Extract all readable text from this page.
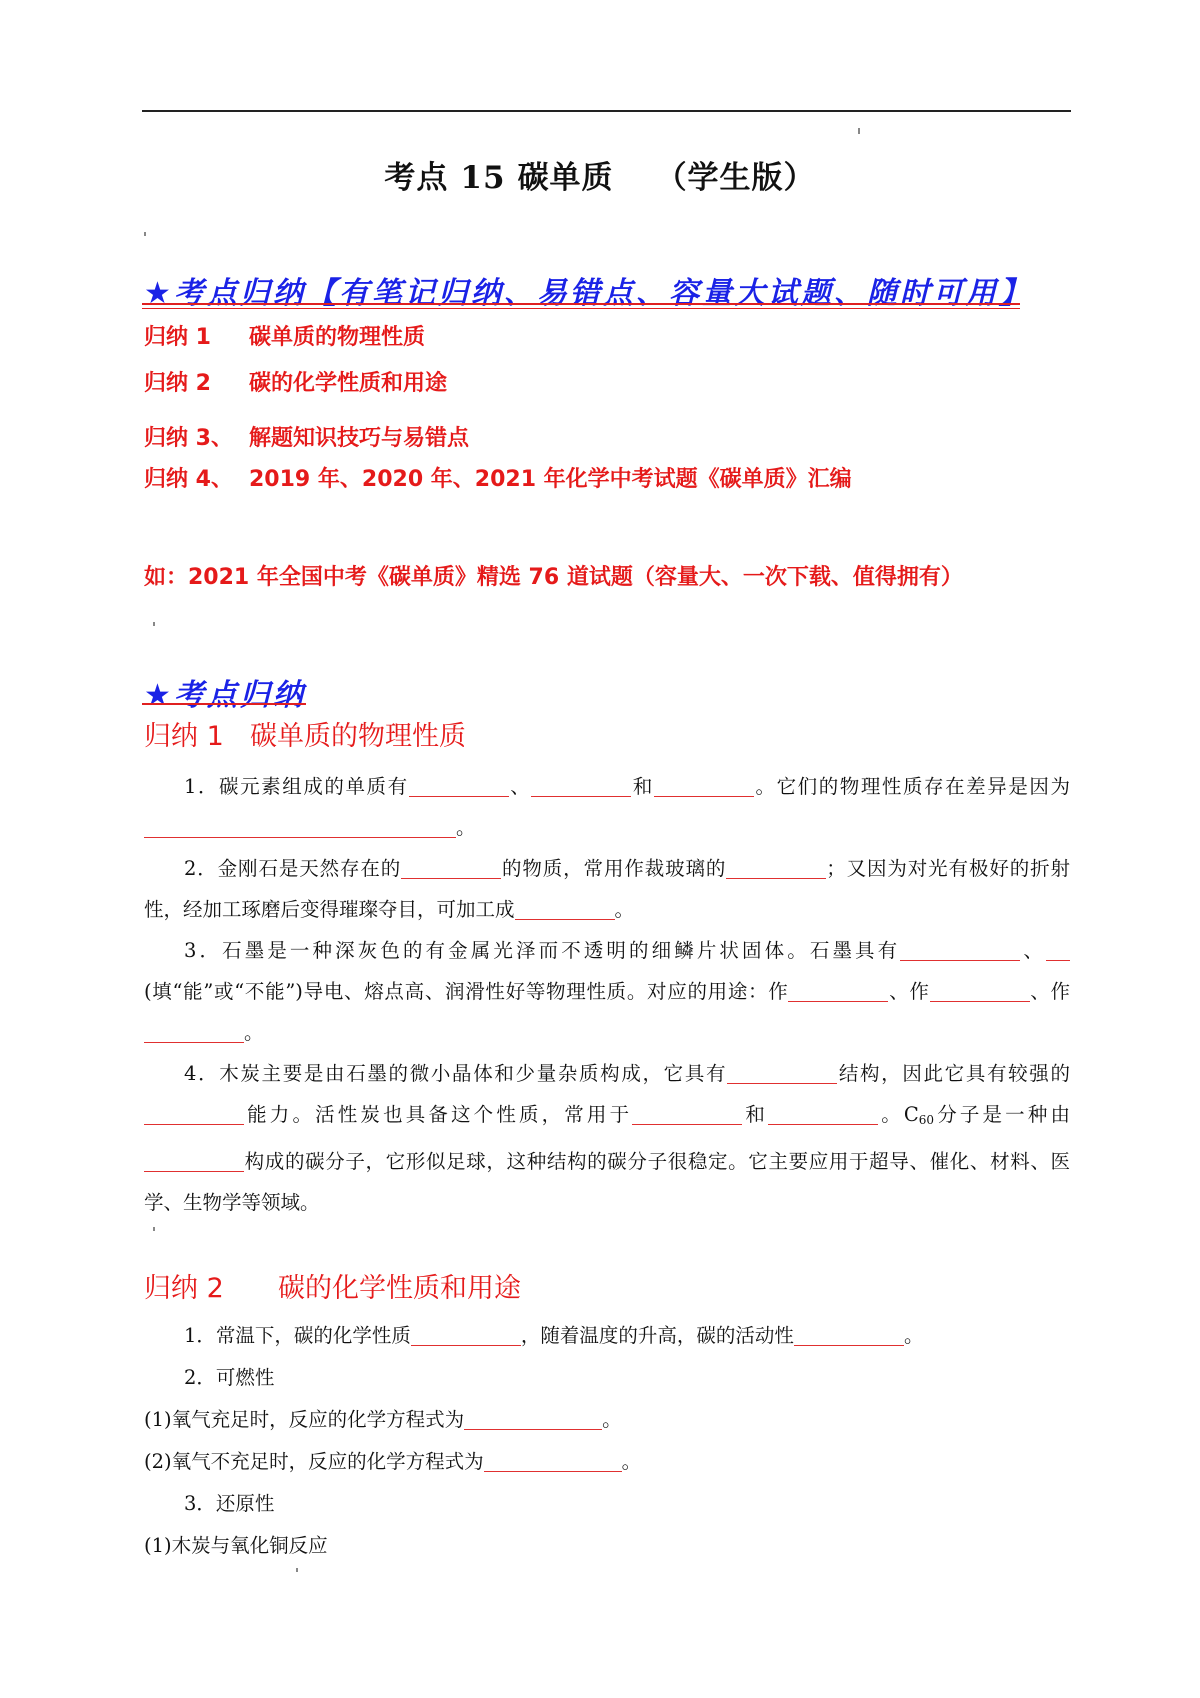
考点 15 碳单质 （学生版）
★考点归纳【有笔记归纳、易错点、容量大试题、随时可用】
归纳 1 碳单质的物理性质
归纳 2 碳的化学性质和用途
归纳 3、 解题知识技巧与易错点
归纳 4、 2019 年、2020 年、2021 年化学中考试题《碳单质》汇编
如：2021 年全国中考《碳单质》精选 76 道试题（容量大、一次下载、值得拥有）
★考点归纳
归纳 1 碳单质的物理性质
1．碳元素组成的单质有	、	和	。它们的物理性质存在差异是因为。
2．金刚石是天然存在的	的物质，常用作裁玻璃的	；又因为对光有极好的折射性，经加工琢磨后变得璀璨夺目，可加工成	。
3．石墨是一种深灰色的有金属光泽而不透明的细鳞片状固体。石墨具有	、(填“能”或“不能”)导电、熔点高、润滑性好等物理性质。对应的用途：作	、作	、作。
4．木炭主要是由石墨的微小晶体和少量杂质构成，它具有	结构，因此它具有较强的能力。活性炭也具备这个性质，常用于	和	。$C_{60}$分子是一种由构成的碳分子，它形似足球，这种结构的碳分子很稳定。它主要应用于超导、催化、材料、医学、生物学等领域。
归纳 2 碳的化学性质和用途
1．常温下，碳的化学性质	，随着温度的升高，碳的活动性	。
2．可燃性
(1)氧气充足时，反应的化学方程式为	。
(2)氧气不充足时，反应的化学方程式为	。
3．还原性
(1)木炭与氧化铜反应
